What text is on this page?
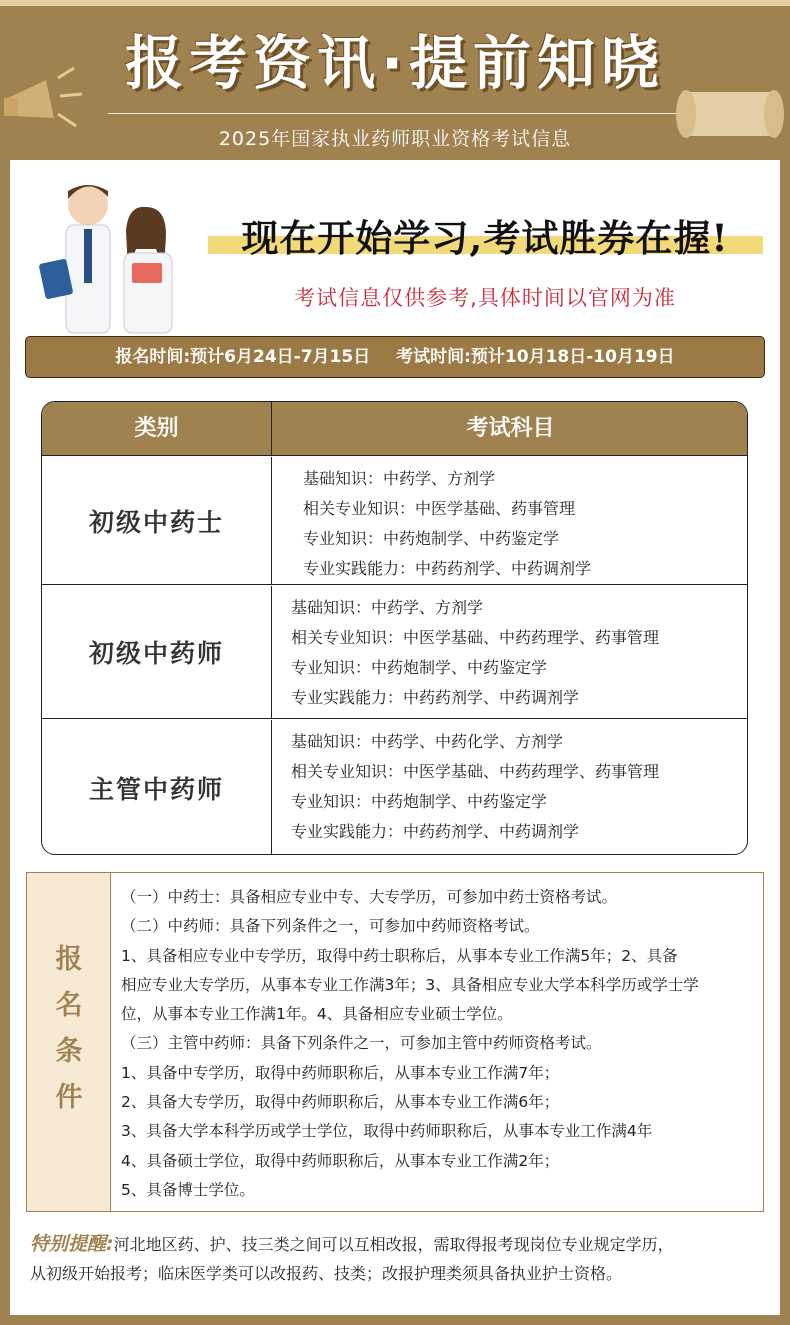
报考资讯·提前知晓
2025年国家执业药师职业资格考试信息
现在开始学习,考试胜券在握!
考试信息仅供参考,具体时间以官网为准
报名时间:预计6月24日-7月15日 考试时间:预计10月18日-10月19日
类别	考试科目
初级中药士
基础知识：中药学、方剂学
相关专业知识：中医学基础、药事管理
专业知识：中药炮制学、中药鉴定学
专业实践能力：中药药剂学、中药调剂学
初级中药师
基础知识：中药学、方剂学
相关专业知识：中医学基础、中药药理学、药事管理
专业知识：中药炮制学、中药鉴定学
专业实践能力：中药药剂学、中药调剂学
主管中药师
基础知识：中药学、中药化学、方剂学
相关专业知识：中医学基础、中药药理学、药事管理
专业知识：中药炮制学、中药鉴定学
专业实践能力：中药药剂学、中药调剂学
报
名
条
件
（一）中药士：具备相应专业中专、大专学历，可参加中药士资格考试。
（二）中药师：具备下列条件之一，可参加中药师资格考试。
1、具备相应专业中专学历，取得中药士职称后，从事本专业工作满5年；2、具备
相应专业大专学历，从事本专业工作满3年；3、具备相应专业大学本科学历或学士学
位，从事本专业工作满1年。4、具备相应专业硕士学位。
（三）主管中药师：具备下列条件之一，可参加主管中药师资格考试。
1、具备中专学历，取得中药师职称后，从事本专业工作满7年；
2、具备大专学历，取得中药师职称后，从事本专业工作满6年；
3、具备大学本科学历或学士学位，取得中药师职称后，从事本专业工作满4年
4、具备硕士学位，取得中药师职称后，从事本专业工作满2年；
5、具备博士学位。
特别提醒:河北地区药、护、技三类之间可以互相改报，需取得报考现岗位专业规定学历，
从初级开始报考；临床医学类可以改报药、技类；改报护理类须具备执业护士资格。
